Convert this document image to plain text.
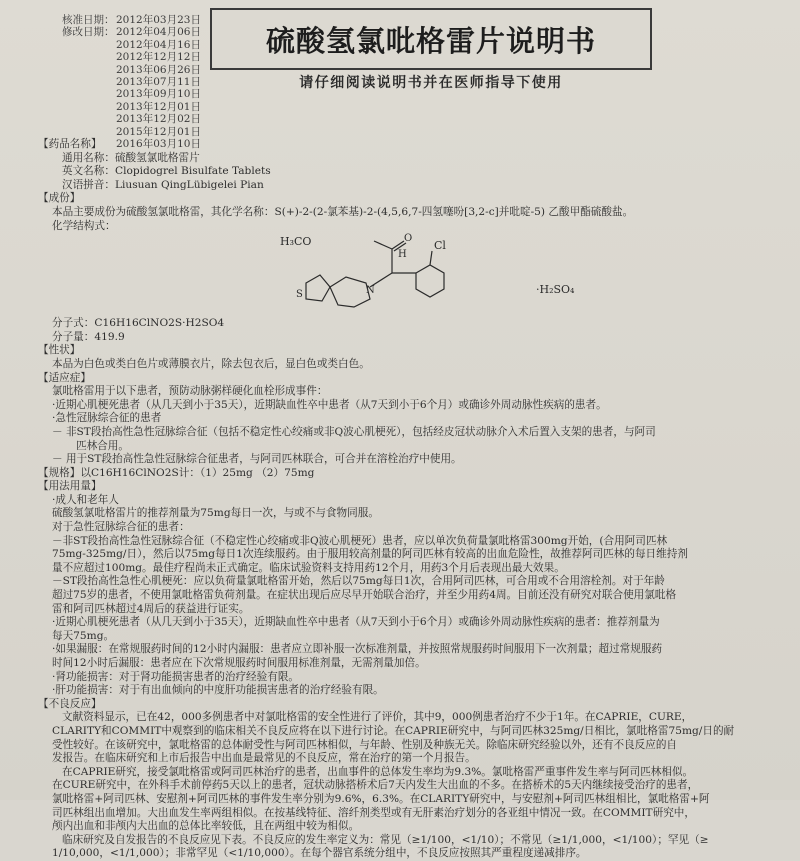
核准日期： 2012年03月23日
修改日期： 2012年04月06日
2012年04月16日
2012年12月12日
2013年06月26日
2013年07月11日
2013年09月10日
2013年12月01日
2013年12月02日
2015年12月01日
2016年03月10日
硫酸氢氯吡格雷片说明书
请仔细阅读说明书并在医师指导下使用
【药品名称】
通用名称：硫酸氢氯吡格雷片
英文名称：Clopidogrel Bisulfate Tablets
汉语拼音：Liusuan QingLübigelei Pian
【成份】
本品主要成份为硫酸氢氯吡格雷，其化学名称：S(+)-2-(2-氯苯基)-2-(4,5,6,7-四氢噻吩[3,2-c]并吡啶-5) 乙酸甲酯硫酸盐。
化学结构式：
H₃CO	O
H
Cl
S	N	·H₂SO₄
分子式：C16H16ClNO2S·H2SO4
分子量：419.9
【性状】
本品为白色或类白色片或薄膜衣片，除去包衣后，显白色或类白色。
【适应症】
氯吡格雷用于以下患者，预防动脉粥样硬化血栓形成事件：
·近期心肌梗死患者（从几天到小于35天），近期缺血性卒中患者（从7天到小于6个月）或确诊外周动脉性疾病的患者。
·急性冠脉综合征的患者
－ 非ST段抬高性急性冠脉综合征（包括不稳定性心绞痛或非Q波心肌梗死），包括经皮冠状动脉介入术后置入支架的患者，与阿司
匹林合用。
－ 用于ST段抬高性急性冠脉综合征患者，与阿司匹林联合，可合并在溶栓治疗中使用。
【规格】以C16H16ClNO2S计：（1）25mg （2）75mg
【用法用量】
·成人和老年人
硫酸氢氯吡格雷片的推荐剂量为75mg每日一次，与或不与食物同服。
对于急性冠脉综合征的患者：
－非ST段抬高性急性冠脉综合征（不稳定性心绞痛或非Q波心肌梗死）患者，应以单次负荷量氯吡格雷300mg开始，(合用阿司匹林
75mg-325mg/日），然后以75mg每日1次连续服药。由于服用较高剂量的阿司匹林有较高的出血危险性，故推荐阿司匹林的每日维持剂
量不应超过100mg。最佳疗程尚未正式确定。临床试验资料支持用药12个月，用药3个月后表现出最大效果。
－ST段抬高性急性心肌梗死：应以负荷量氯吡格雷开始，然后以75mg每日1次，合用阿司匹林，可合用或不合用溶栓剂。对于年龄
超过75岁的患者，不使用氯吡格雷负荷剂量。在症状出现后应尽早开始联合治疗，并至少用药4周。目前还没有研究对联合使用氯吡格
雷和阿司匹林超过4周后的获益进行证实。
·近期心肌梗死患者（从几天到小于35天），近期缺血性卒中患者（从7天到小于6个月）或确诊外周动脉性疾病的患者：推荐剂量为
每天75mg。
·如果漏服：在常规服药时间的12小时内漏服：患者应立即补服一次标准剂量，并按照常规服药时间服用下一次剂量；超过常规服药
时间12小时后漏服：患者应在下次常规服药时间服用标准剂量，无需剂量加倍。
·肾功能损害：对于肾功能损害患者的治疗经验有限。
·肝功能损害：对于有出血倾向的中度肝功能损害患者的治疗经验有限。
【不良反应】
文献资料显示，已在42，000多例患者中对氯吡格雷的安全性进行了评价，其中9，000例患者治疗不少于1年。在CAPRIE，CURE，
CLARITY和COMMIT中观察到的临床相关不良反应将在以下进行讨论。在CAPRIE研究中，与阿司匹林325mg/日相比，氯吡格雷75mg/日的耐
受性较好。在该研究中，氯吡格雷的总体耐受性与阿司匹林相似，与年龄、性别及种族无关。除临床研究经验以外，还有不良反应的自
发报告。在临床研究和上市后报告中出血是最常见的不良反应，常在治疗的第一个月报告。
在CAPRIE研究，接受氯吡格雷或阿司匹林治疗的患者，出血事件的总体发生率均为9.3%。氯吡格雷严重事件发生率与阿司匹林相似。
在CURE研究中，在外科手术前停药5天以上的患者，冠状动脉搭桥术后7天内发生大出血的不多。在搭桥术的5天内继续接受治疗的患者，
氯吡格雷+阿司匹林、安慰剂+阿司匹林的事件发生率分别为9.6%，6.3%。在CLARITY研究中，与安慰剂+阿司匹林组相比，氯吡格雷+阿
司匹林组出血增加。大出血发生率两组相似。在按基线特征、溶纤剂类型或有无肝素治疗划分的各亚组中情况一致。在COMMIT研究中，
颅内出血和非颅内大出血的总体比率较低，且在两组中较为相似。
临床研究及自发报告的不良反应见下表。不良反应的发生率定义为：常见（≥1/100，<1/10）；不常见（≥1/1,000，<1/100）；罕见（≥
1/10,000，<1/1,000）；非常罕见（<1/10,000）。在每个器官系统分组中，不良反应按照其严重程度递减排序。
